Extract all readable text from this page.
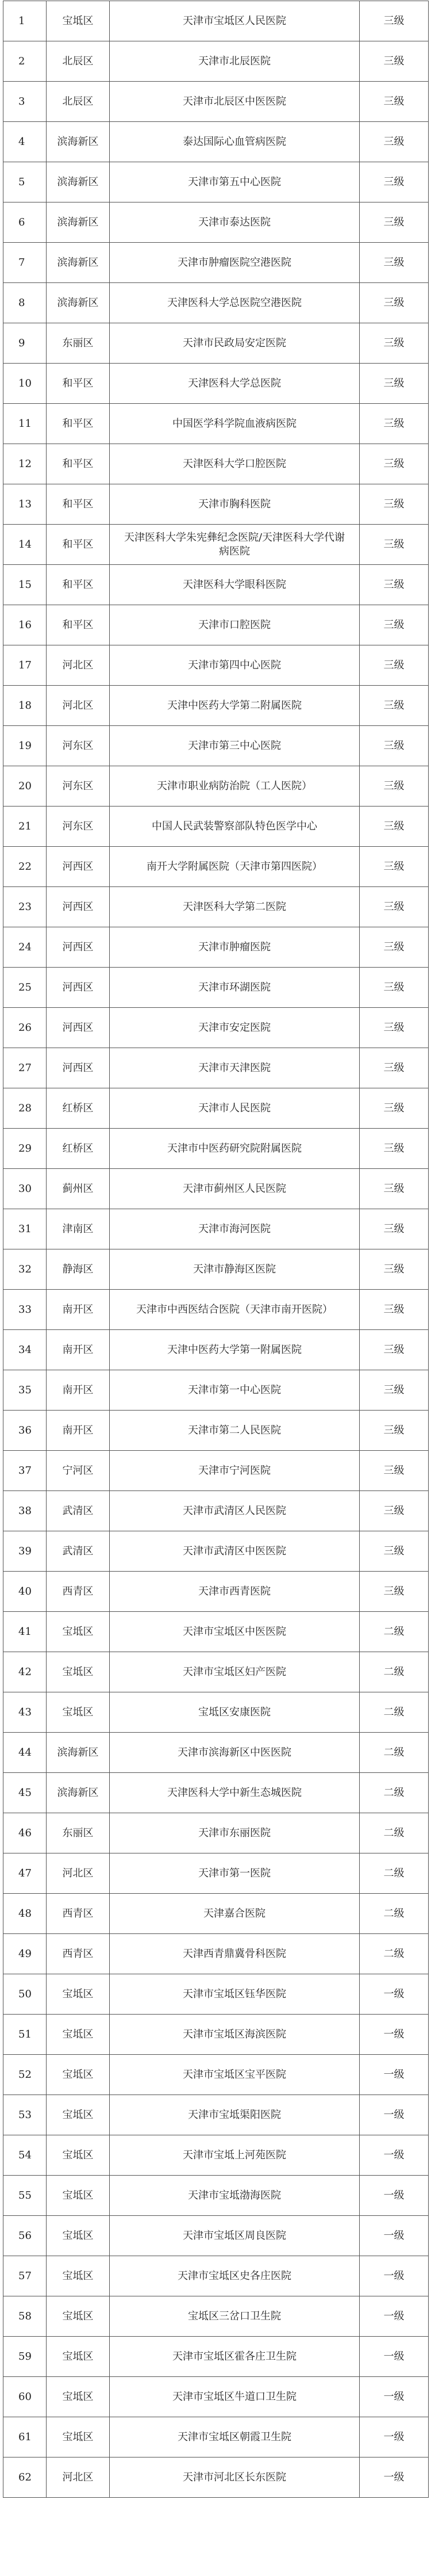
1	宝坻区	天津市宝坻区人民医院	三级
2	北辰区	天津市北辰医院	三级
3	北辰区	天津市北辰区中医医院	三级
4	滨海新区	泰达国际心血管病医院	三级
5	滨海新区	天津市第五中心医院	三级
6	滨海新区	天津市泰达医院	三级
7	滨海新区	天津市肿瘤医院空港医院	三级
8	滨海新区	天津医科大学总医院空港医院	三级
9	东丽区	天津市民政局安定医院	三级
10	和平区	天津医科大学总医院	三级
11	和平区	中国医学科学院血液病医院	三级
12	和平区	天津医科大学口腔医院	三级
13	和平区	天津市胸科医院	三级
14	和平区	天津医科大学朱宪彝纪念医院/天津医科大学代谢病医院	三级
15	和平区	天津医科大学眼科医院	三级
16	和平区	天津市口腔医院	三级
17	河北区	天津市第四中心医院	三级
18	河北区	天津中医药大学第二附属医院	三级
19	河东区	天津市第三中心医院	三级
20	河东区	天津市职业病防治院（工人医院）	三级
21	河东区	中国人民武装警察部队特色医学中心	三级
22	河西区	南开大学附属医院（天津市第四医院）	三级
23	河西区	天津医科大学第二医院	三级
24	河西区	天津市肿瘤医院	三级
25	河西区	天津市环湖医院	三级
26	河西区	天津市安定医院	三级
27	河西区	天津市天津医院	三级
28	红桥区	天津市人民医院	三级
29	红桥区	天津市中医药研究院附属医院	三级
30	蓟州区	天津市蓟州区人民医院	三级
31	津南区	天津市海河医院	三级
32	静海区	天津市静海区医院	三级
33	南开区	天津市中西医结合医院（天津市南开医院）	三级
34	南开区	天津中医药大学第一附属医院	三级
35	南开区	天津市第一中心医院	三级
36	南开区	天津市第二人民医院	三级
37	宁河区	天津市宁河医院	三级
38	武清区	天津市武清区人民医院	三级
39	武清区	天津市武清区中医医院	三级
40	西青区	天津市西青医院	三级
41	宝坻区	天津市宝坻区中医医院	二级
42	宝坻区	天津市宝坻区妇产医院	二级
43	宝坻区	宝坻区安康医院	二级
44	滨海新区	天津市滨海新区中医医院	二级
45	滨海新区	天津医科大学中新生态城医院	二级
46	东丽区	天津市东丽医院	二级
47	河北区	天津市第一医院	二级
48	西青区	天津嘉合医院	二级
49	西青区	天津西青鼎冀骨科医院	二级
50	宝坻区	天津市宝坻区钰华医院	一级
51	宝坻区	天津市宝坻区海滨医院	一级
52	宝坻区	天津市宝坻区宝平医院	一级
53	宝坻区	天津市宝坻渠阳医院	一级
54	宝坻区	天津市宝坻上河苑医院	一级
55	宝坻区	天津市宝坻渤海医院	一级
56	宝坻区	天津市宝坻区周良医院	一级
57	宝坻区	天津市宝坻区史各庄医院	一级
58	宝坻区	宝坻区三岔口卫生院	一级
59	宝坻区	天津市宝坻区霍各庄卫生院	一级
60	宝坻区	天津市宝坻区牛道口卫生院	一级
61	宝坻区	天津市宝坻区朝霞卫生院	一级
62	河北区	天津市河北区长东医院	一级
